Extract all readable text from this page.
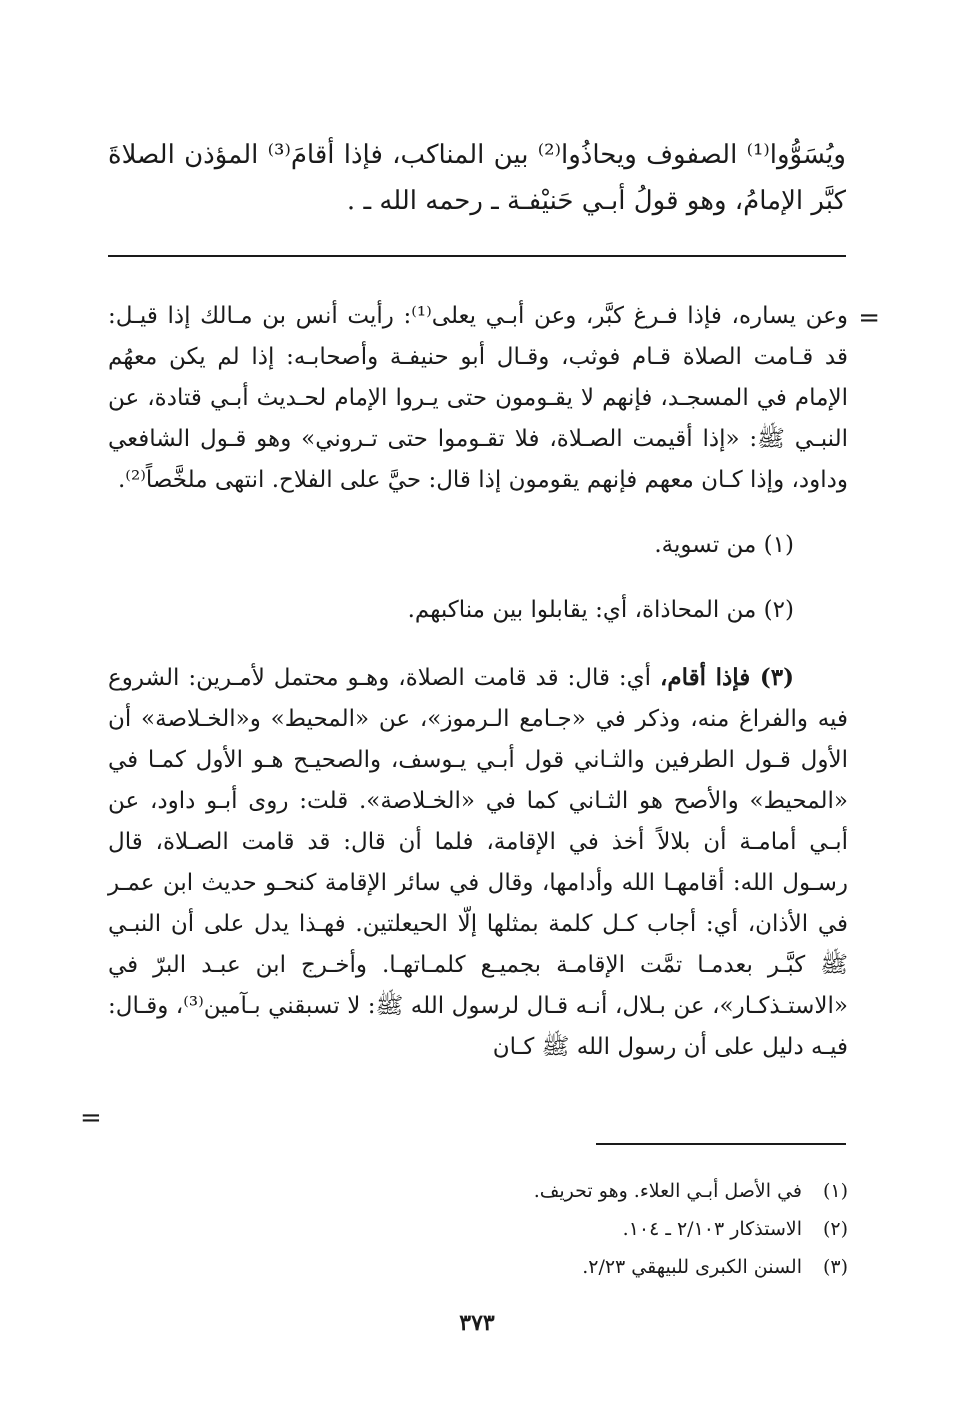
ويُسَوُّوا⁽¹⁾ الصفوف ويحاذُوا⁽²⁾ بين المناكب، فإذا أقامَ⁽³⁾ المؤذن الصلاةَ كبَّر الإمامُ، وهو قولُ أبـي حَنيْفـة ـ رحمه الله ـ .

=

وعن يساره، فإذا فـرغ كبَّر، وعن أبـي يعلى⁽¹⁾: رأيت أنس بن مـالك إذا قيـل: قد قـامت الصلاة قـام فوثب، وقـال أبو حنيفـة وأصحابـه: إذا لم يكن معهُم الإمام في المسجـد، فإنهم لا يقـومون حتى يـروا الإمام لحـديث أبـي قتادة، عن النبـي ﷺ: «إذا أقيمت الصـلاة، فلا تقـوموا حتى تـروني» وهو قـول الشافعي وداود، وإذا كـان معهم فإنهم يقومون إذا قال: حيَّ على الفلاح. انتهى ملخَّصاً⁽²⁾.

(١) من تسوية.

(٢) من المحاذاة، أي: يقابلوا بين مناكبهم.

(٣) فإذا أقام، أي: قال: قد قامت الصلاة، وهـو محتمل لأمـرين: الشروع فيه والفراغ منه، وذكر في «جـامع الـرموز»، عن «المحيط» و«الخـلاصة» أن الأول قـول الطرفين والثـاني قول أبـي يـوسف، والصحيـح هـو الأول كمـا في «المحيط» والأصح هو الثـاني كما في «الخـلاصة». قلت: روى أبـو داود، عن أبـي أمامـة أن بلالاً أخذ في الإقامة، فلما أن قال: قد قامت الصـلاة، قال رسـول الله: أقامهـا الله وأدامها، وقال في سائر الإقامة كنحـو حديث ابن عمـر في الأذان، أي: أجاب كـل كلمة بمثلها إلّا الحيعلتين. فهـذا يدل على أن النبـي ﷺ كبَّـر بعدمـا تمَّت الإقامـة بجميـع كلمـاتهـا. وأخـرج ابن عبـد البرّ في «الاستـذكـار»، عن بـلال، أنـه قـال لرسول الله ﷺ: لا تسبقني بـآمين⁽³⁾، وقـال: فيـه دليل على أن رسول الله ﷺ كـان

=

(١)في الأصل أبـي العلاء. وهو تحريف.

(٢)الاستذكار ٢/١٠٣ ـ ١٠٤.

(٣)السنن الكبرى للبيهقي ٢/٢٣.

٣٧٣
